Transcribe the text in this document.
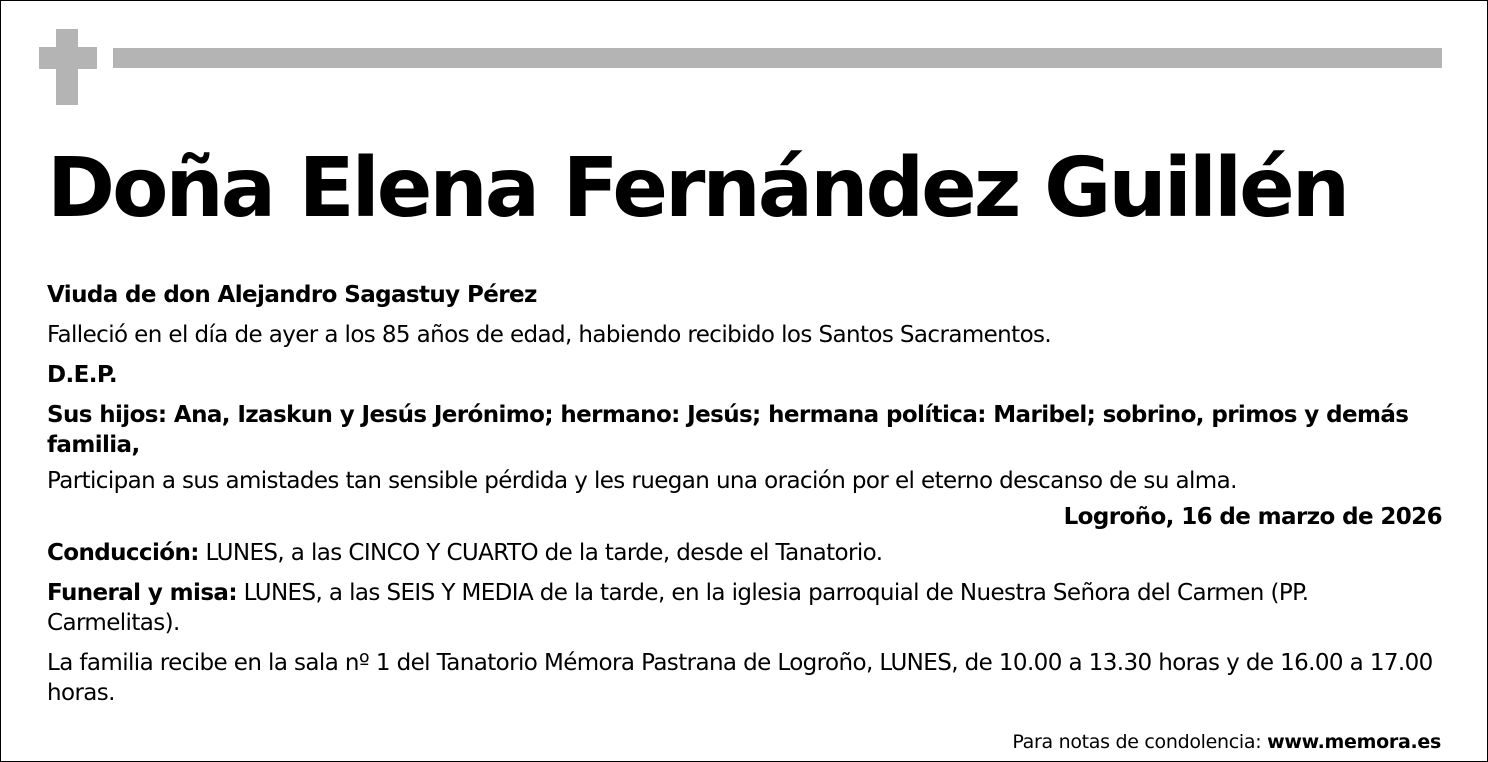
Doña Elena Fernández Guillén

Viuda de don Alejandro Sagastuy Pérez

Falleció en el día de ayer a los 85 años de edad, habiendo recibido los Santos Sacramentos.

D.E.P.

Sus hijos: Ana, Izaskun y Jesús Jerónimo; hermano: Jesús; hermana política: Maribel; sobrino, primos y demás familia,

Participan a sus amistades tan sensible pérdida y les ruegan una oración por el eterno descanso de su alma.

Logroño, 16 de marzo de 2026

Conducción: LUNES, a las CINCO Y CUARTO de la tarde, desde el Tanatorio.

Funeral y misa: LUNES, a las SEIS Y MEDIA de la tarde, en la iglesia parroquial de Nuestra Señora del Carmen (PP. Carmelitas).

La familia recibe en la sala nº 1 del Tanatorio Mémora Pastrana de Logroño, LUNES, de 10.00 a 13.30 horas y de 16.00 a 17.00 horas.

Para notas de condolencia: www.memora.es
